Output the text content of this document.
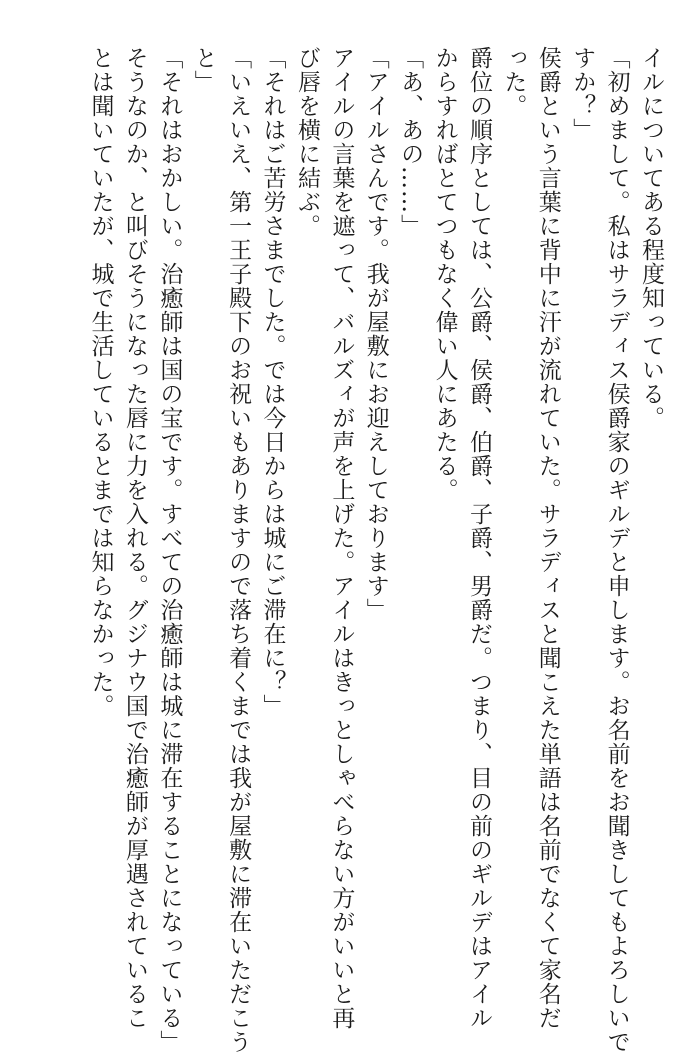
イルについてある程度知っている。

「初めまして。私はサラディス侯爵家のギルデと申します。お名前をお聞きしてもよろしいで

すか？」

侯爵という言葉に背中に汗が流れていた。サラディスと聞こえた単語は名前でなくて家名だ

った。

爵位の順序としては、公爵、侯爵、伯爵、子爵、男爵だ。つまり、目の前のギルデはアイル

からすればとてつもなく偉い人にあたる。

「あ、あの……」

「アイルさんです。我が屋敷にお迎えしております」

アイルの言葉を遮って、バルズィが声を上げた。アイルはきっとしゃべらない方がいいと再

び唇を横に結ぶ。

「それはご苦労さまでした。では今日からは城にご滞在に？」

「いえいえ、第一王子殿下のお祝いもありますので落ち着くまでは我が屋敷に滞在いただこう

と」

「それはおかしい。治癒師は国の宝です。すべての治癒師は城に滞在することになっている」

そうなのか、と叫びそうになった唇に力を入れる。グジナウ国で治癒師が厚遇されているこ

とは聞いていたが、城で生活しているとまでは知らなかった。
